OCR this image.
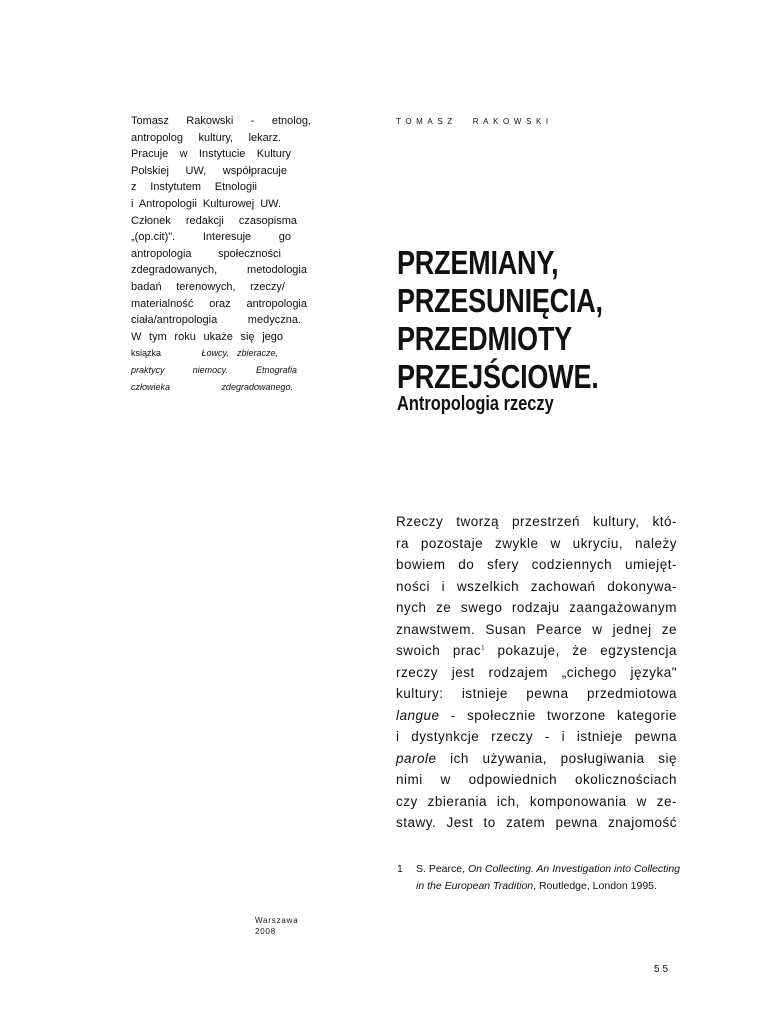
Tomasz Rakowski - etnolog,
antropolog kultury, lekarz.
Pracuje w Instytucie Kultury
Polskiej UW, współpracuje
z Instytutem Etnologii
i Antropologii Kulturowej UW.
Członek redakcji czasopisma
„(op.cit)". Interesuje go
antropologia społeczności
zdegradowanych, metodologia
badań terenowych, rzeczy/
materialność oraz antropologia
ciała/antropologia medyczna.
W tym roku ukaże się jego
książka	Łowcy, zbieracze,
praktycy niemocy. Etnografia
człowieka zdegradowanego.
TOMASZ RAKOWSKI
PRZEMIANY,
PRZESUNIĘCIA,
PRZEDMIOTY
PRZEJŚCIOWE.
Antropologia rzeczy
Rzeczy tworzą przestrzeń kultury, któ-
ra pozostaje zwykle w ukryciu, należy
bowiem do sfery codziennych umiejęt-
ności i wszelkich zachowań dokonywa-
nych ze swego rodzaju zaangażowanym
znawstwem. Susan Pearce w jednej ze
swoich prac$^1$ pokazuje, że egzystencja
rzeczy jest rodzajem „cichego języka"
kultury: istnieje pewna przedmiotowa
langue - społecznie tworzone kategorie
i dystynkcje rzeczy - i istnieje pewna
parole ich używania, posługiwania się
nimi w odpowiednich okolicznościach
czy zbierania ich, komponowania w ze-
stawy. Jest to zatem pewna znajomość
1	S. Pearce, On Collecting. An Investigation into Collecting in the European Tradition, Routledge, London 1995.
Warszawa
2008
55
